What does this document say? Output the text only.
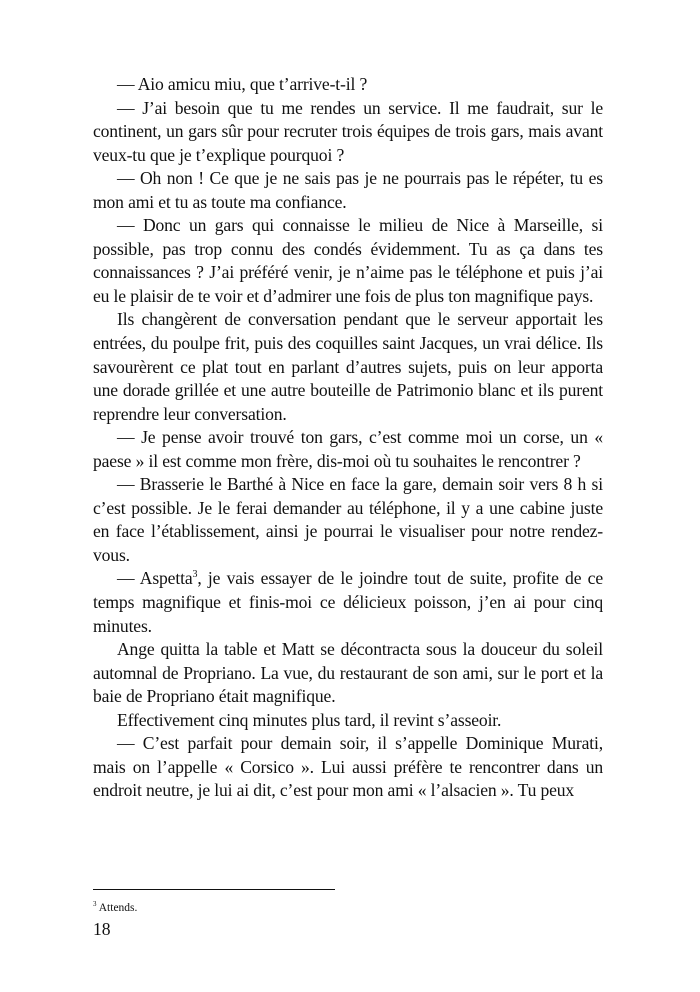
— Aio amicu miu, que t’arrive-t-il ?

— J’ai besoin que tu me rendes un service. Il me faudrait, sur le continent, un gars sûr pour recruter trois équipes de trois gars, mais avant veux-tu que je t’explique pourquoi ?

— Oh non ! Ce que je ne sais pas je ne pourrais pas le répéter, tu es mon ami et tu as toute ma confiance.

— Donc un gars qui connaisse le milieu de Nice à Marseille, si possible, pas trop connu des condés évidemment. Tu as ça dans tes connaissances ? J’ai préféré venir, je n’aime pas le téléphone et puis j’ai eu le plaisir de te voir et d’admirer une fois de plus ton magnifique pays.

Ils changèrent de conversation pendant que le serveur apportait les entrées, du poulpe frit, puis des coquilles saint Jacques, un vrai délice. Ils savourèrent ce plat tout en parlant d’autres sujets, puis on leur apporta une dorade grillée et une autre bouteille de Patrimonio blanc et ils purent reprendre leur conversation.

— Je pense avoir trouvé ton gars, c’est comme moi un corse, un « paese » il est comme mon frère, dis-moi où tu souhaites le rencontrer ?

— Brasserie le Barthé à Nice en face la gare, demain soir vers 8 h si c’est possible. Je le ferai demander au téléphone, il y a une cabine juste en face l’établissement, ainsi je pourrai le visualiser pour notre rendez-vous.

— Aspetta$^3$, je vais essayer de le joindre tout de suite, profite de ce temps magnifique et finis-moi ce délicieux poisson, j’en ai pour cinq minutes.

Ange quitta la table et Matt se décontracta sous la douceur du soleil automnal de Propriano. La vue, du restaurant de son ami, sur le port et la baie de Propriano était magnifique.

Effectivement cinq minutes plus tard, il revint s’asseoir.

— C’est parfait pour demain soir, il s’appelle Dominique Murati, mais on l’appelle « Corsico ». Lui aussi préfère te rencontrer dans un endroit neutre, je lui ai dit, c’est pour mon ami « l’alsacien ». Tu peux

$^3$ Attends.
18
